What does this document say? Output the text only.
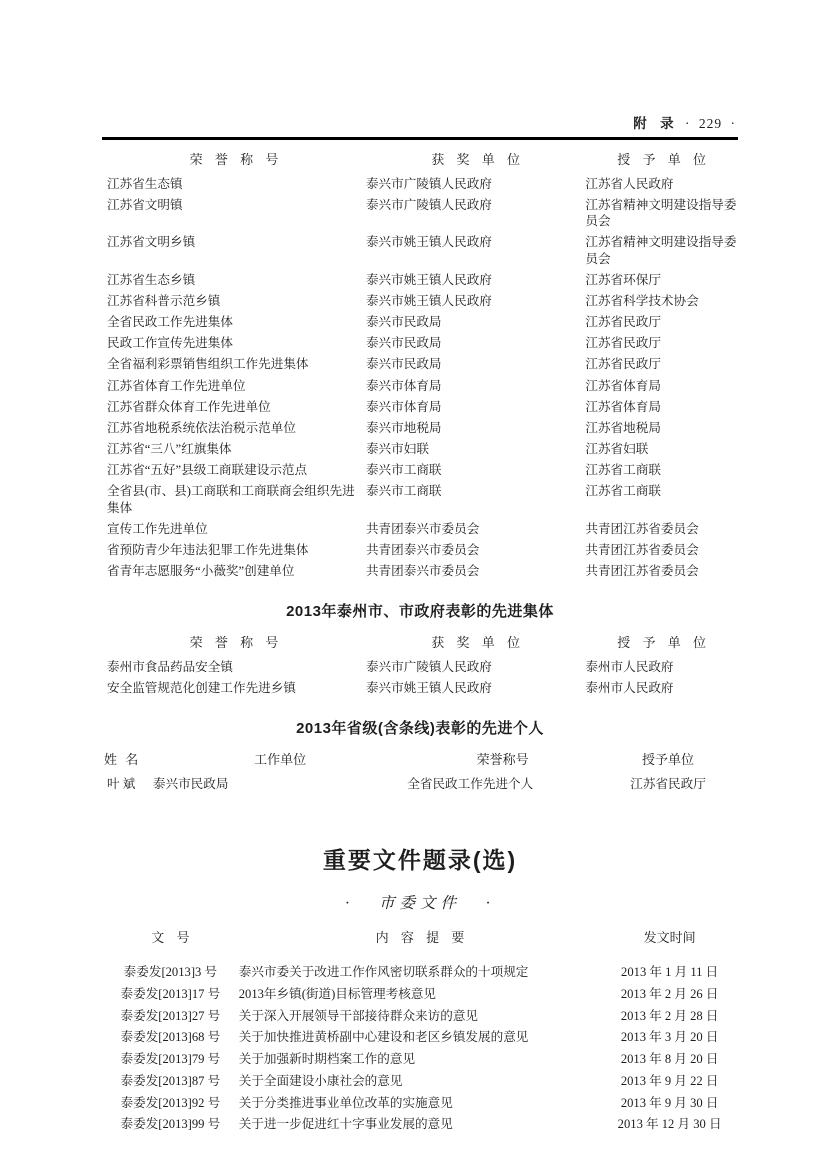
附 录 · 229 ·
荣 誉 称 号	获 奖 单 位	授 予 单 位
江苏省生态镇	泰兴市广陵镇人民政府	江苏省人民政府
江苏省文明镇	泰兴市广陵镇人民政府	江苏省精神文明建设指导委员会
江苏省文明乡镇	泰兴市姚王镇人民政府	江苏省精神文明建设指导委员会
江苏省生态乡镇	泰兴市姚王镇人民政府	江苏省环保厅
江苏省科普示范乡镇	泰兴市姚王镇人民政府	江苏省科学技术协会
全省民政工作先进集体	泰兴市民政局	江苏省民政厅
民政工作宣传先进集体	泰兴市民政局	江苏省民政厅
全省福利彩票销售组织工作先进集体	泰兴市民政局	江苏省民政厅
江苏省体育工作先进单位	泰兴市体育局	江苏省体育局
江苏省群众体育工作先进单位	泰兴市体育局	江苏省体育局
江苏省地税系统依法治税示范单位	泰兴市地税局	江苏省地税局
江苏省“三八”红旗集体	泰兴市妇联	江苏省妇联
江苏省“五好”县级工商联建设示范点	泰兴市工商联	江苏省工商联
全省县(市、县)工商联和工商联商会组织先进集体	泰兴市工商联	江苏省工商联
宣传工作先进单位	共青团泰兴市委员会	共青团江苏省委员会
省预防青少年违法犯罪工作先进集体	共青团泰兴市委员会	共青团江苏省委员会
省青年志愿服务“小薇奖”创建单位	共青团泰兴市委员会	共青团江苏省委员会
2013年泰州市、市政府表彰的先进集体
荣 誉 称 号	获 奖 单 位	授 予 单 位
泰州市食品药品安全镇	泰兴市广陵镇人民政府	泰州市人民政府
安全监管规范化创建工作先进乡镇	泰兴市姚王镇人民政府	泰州市人民政府
2013年省级(含条线)表彰的先进个人
姓 名	工作单位	荣誉称号	授予单位
叶 斌	泰兴市民政局	全省民政工作先进个人	江苏省民政厅
重要文件题录(选)
· 市委文件 ·
文 号	内 容 提 要	发文时间
泰委发[2013]3 号	泰兴市委关于改进工作作风密切联系群众的十项规定	2013 年 1 月 11 日
泰委发[2013]17 号	2013年乡镇(街道)目标管理考核意见	2013 年 2 月 26 日
泰委发[2013]27 号	关于深入开展领导干部接待群众来访的意见	2013 年 2 月 28 日
泰委发[2013]68 号	关于加快推进黄桥副中心建设和老区乡镇发展的意见	2013 年 3 月 20 日
泰委发[2013]79 号	关于加强新时期档案工作的意见	2013 年 8 月 20 日
泰委发[2013]87 号	关于全面建设小康社会的意见	2013 年 9 月 22 日
泰委发[2013]92 号	关于分类推进事业单位改革的实施意见	2013 年 9 月 30 日
泰委发[2013]99 号	关于进一步促进红十字事业发展的意见	2013 年 12 月 30 日
